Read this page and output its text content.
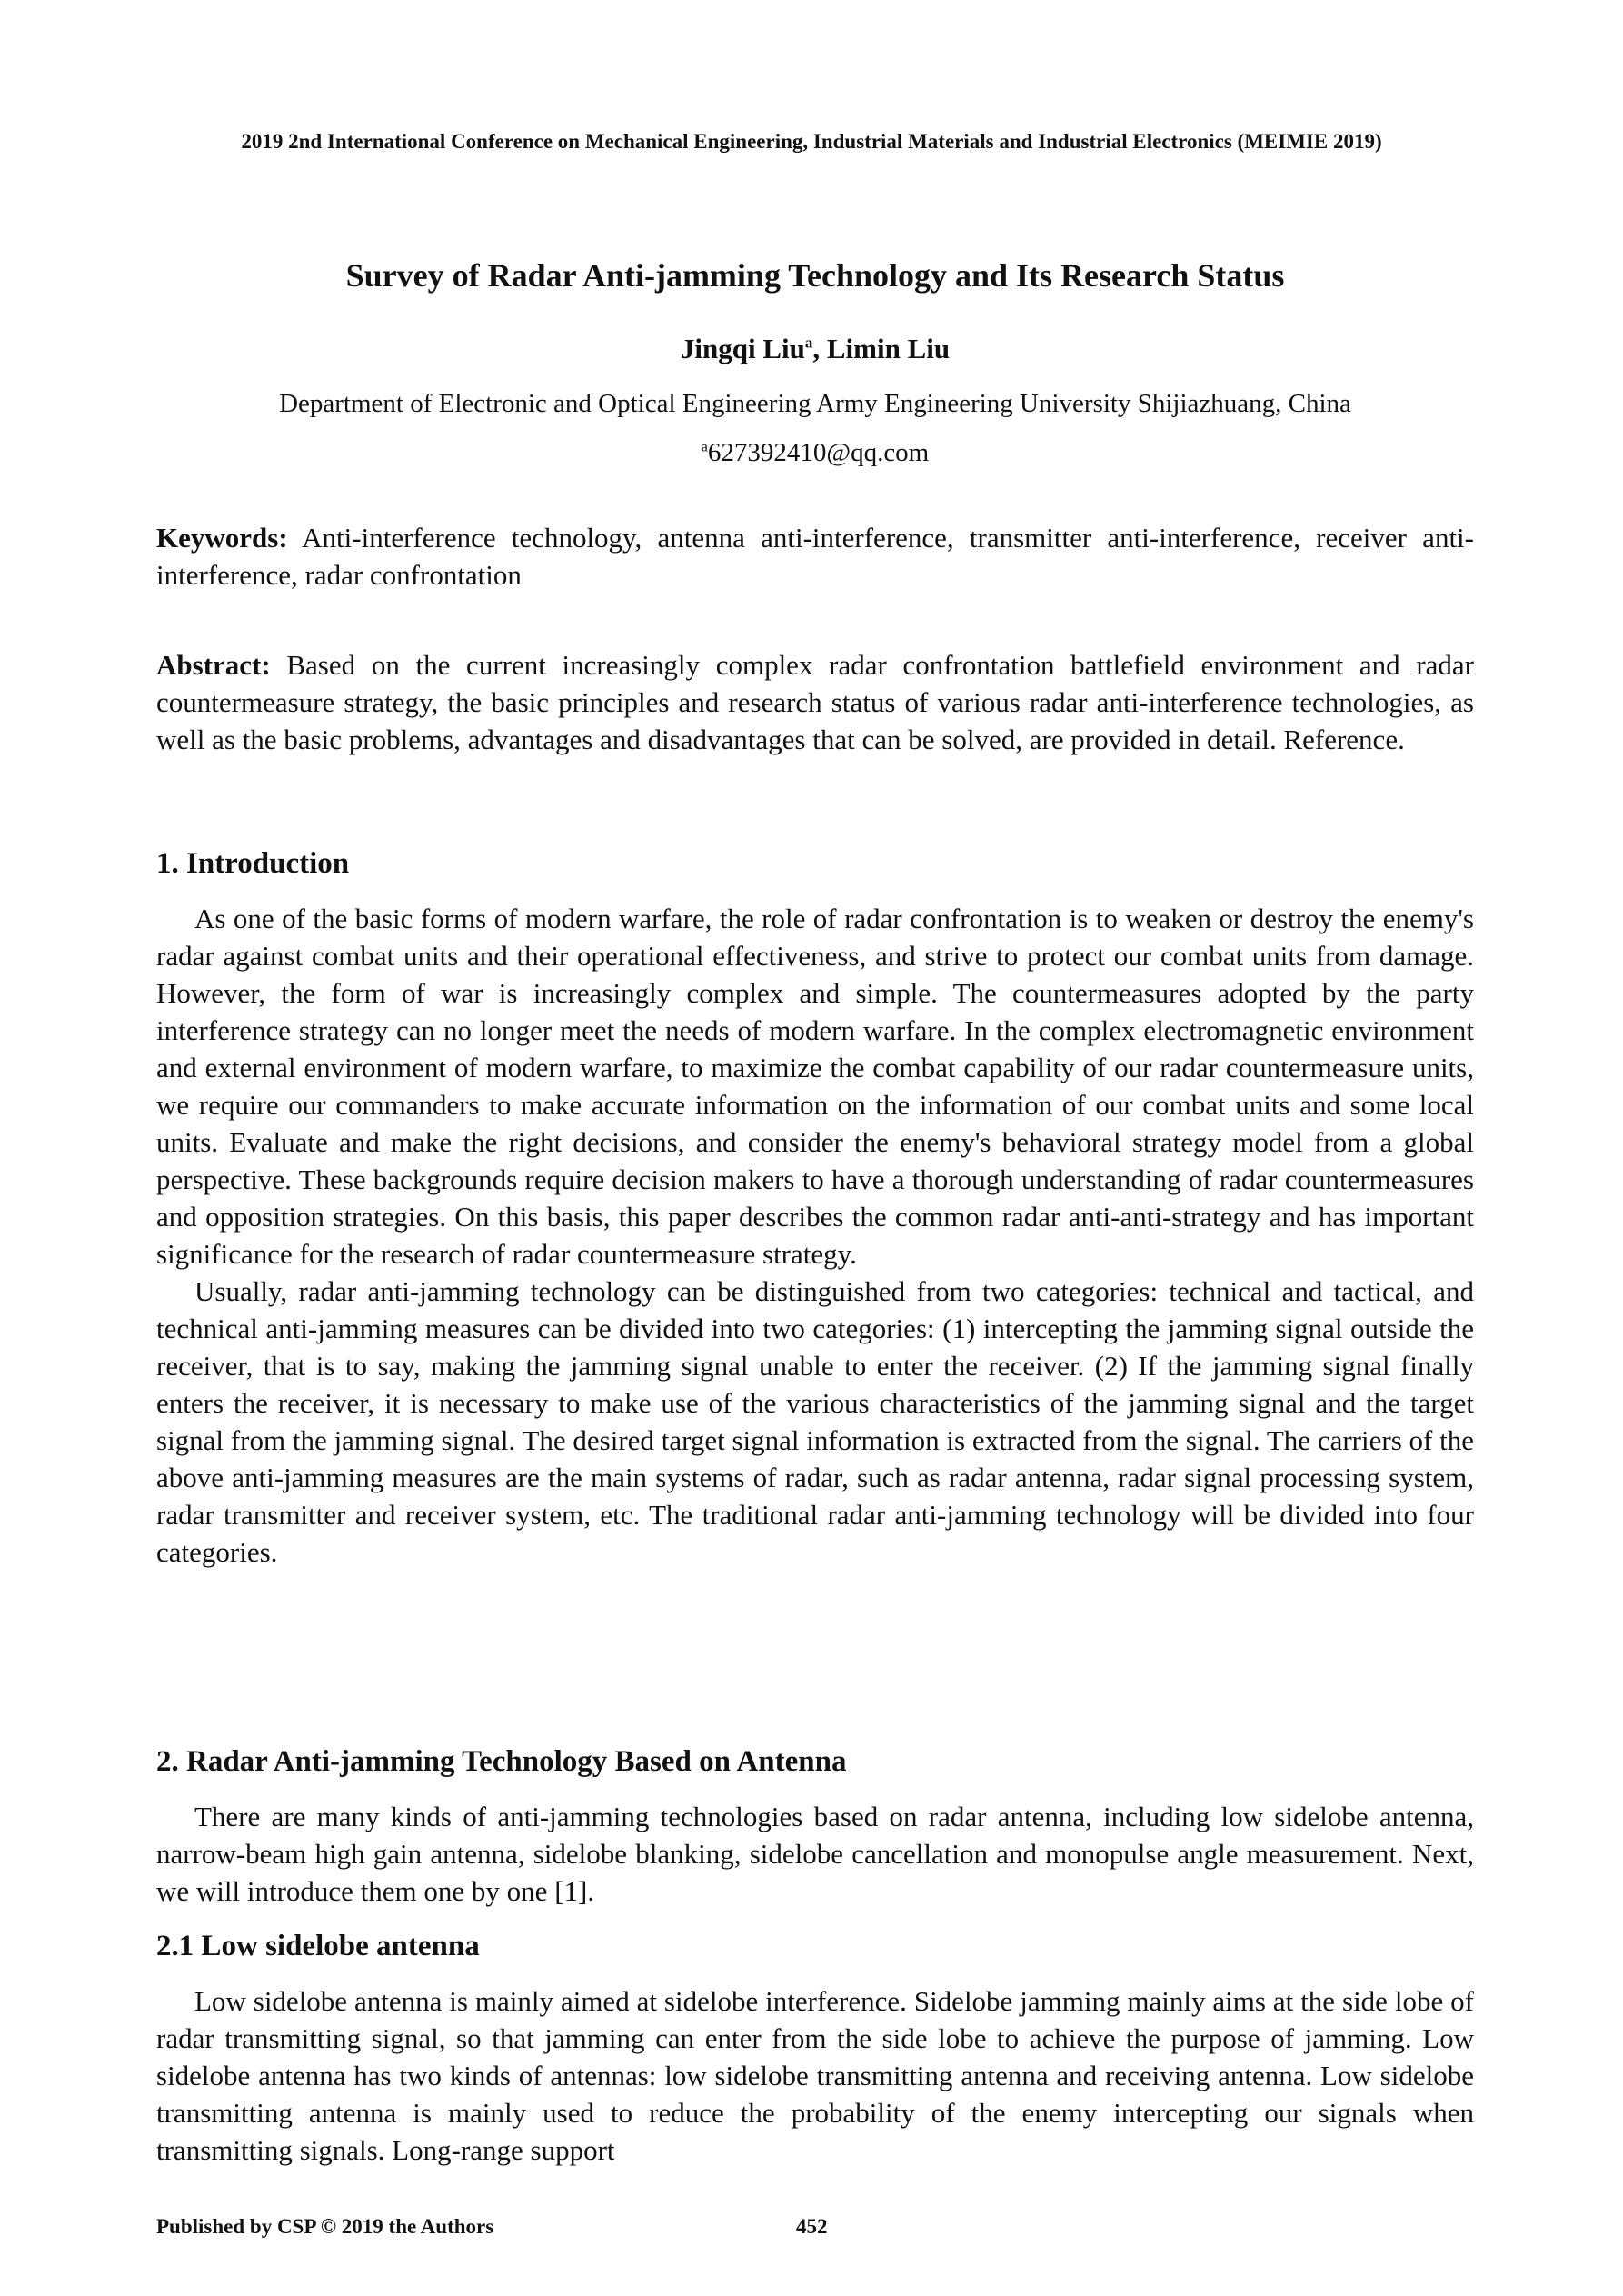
2019 2nd International Conference on Mechanical Engineering, Industrial Materials and Industrial Electronics (MEIMIE 2019)
Survey of Radar Anti-jamming Technology and Its Research Status
Jingqi Liu$^a$, Limin Liu
Department of Electronic and Optical Engineering Army Engineering University Shijiazhuang, China
$^a$627392410@qq.com
Keywords: Anti-interference technology, antenna anti-interference, transmitter anti-interference, receiver anti-interference, radar confrontation
Abstract: Based on the current increasingly complex radar confrontation battlefield environment and radar countermeasure strategy, the basic principles and research status of various radar anti-interference technologies, as well as the basic problems, advantages and disadvantages that can be solved, are provided in detail. Reference.
1. Introduction

As one of the basic forms of modern warfare, the role of radar confrontation is to weaken or destroy the enemy's radar against combat units and their operational effectiveness, and strive to protect our combat units from damage. However, the form of war is increasingly complex and simple. The countermeasures adopted by the party interference strategy can no longer meet the needs of modern warfare. In the complex electromagnetic environment and external environment of modern warfare, to maximize the combat capability of our radar countermeasure units, we require our commanders to make accurate information on the information of our combat units and some local units. Evaluate and make the right decisions, and consider the enemy's behavioral strategy model from a global perspective. These backgrounds require decision makers to have a thorough understanding of radar countermeasures and opposition strategies. On this basis, this paper describes the common radar anti-anti-strategy and has important significance for the research of radar countermeasure strategy.

Usually, radar anti-jamming technology can be distinguished from two categories: technical and tactical, and technical anti-jamming measures can be divided into two categories: (1) intercepting the jamming signal outside the receiver, that is to say, making the jamming signal unable to enter the receiver. (2) If the jamming signal finally enters the receiver, it is necessary to make use of the various characteristics of the jamming signal and the target signal from the jamming signal. The desired target signal information is extracted from the signal. The carriers of the above anti-jamming measures are the main systems of radar, such as radar antenna, radar signal processing system, radar transmitter and receiver system, etc. The traditional radar anti-jamming technology will be divided into four categories.

2. Radar Anti-jamming Technology Based on Antenna

There are many kinds of anti-jamming technologies based on radar antenna, including low sidelobe antenna, narrow-beam high gain antenna, sidelobe blanking, sidelobe cancellation and monopulse angle measurement. Next, we will introduce them one by one [1].

2.1 Low sidelobe antenna

Low sidelobe antenna is mainly aimed at sidelobe interference. Sidelobe jamming mainly aims at the side lobe of radar transmitting signal, so that jamming can enter from the side lobe to achieve the purpose of jamming. Low sidelobe antenna has two kinds of antennas: low sidelobe transmitting antenna and receiving antenna. Low sidelobe transmitting antenna is mainly used to reduce the probability of the enemy intercepting our signals when transmitting signals. Long-range support

Published by CSP © 2019 the Authors	452
